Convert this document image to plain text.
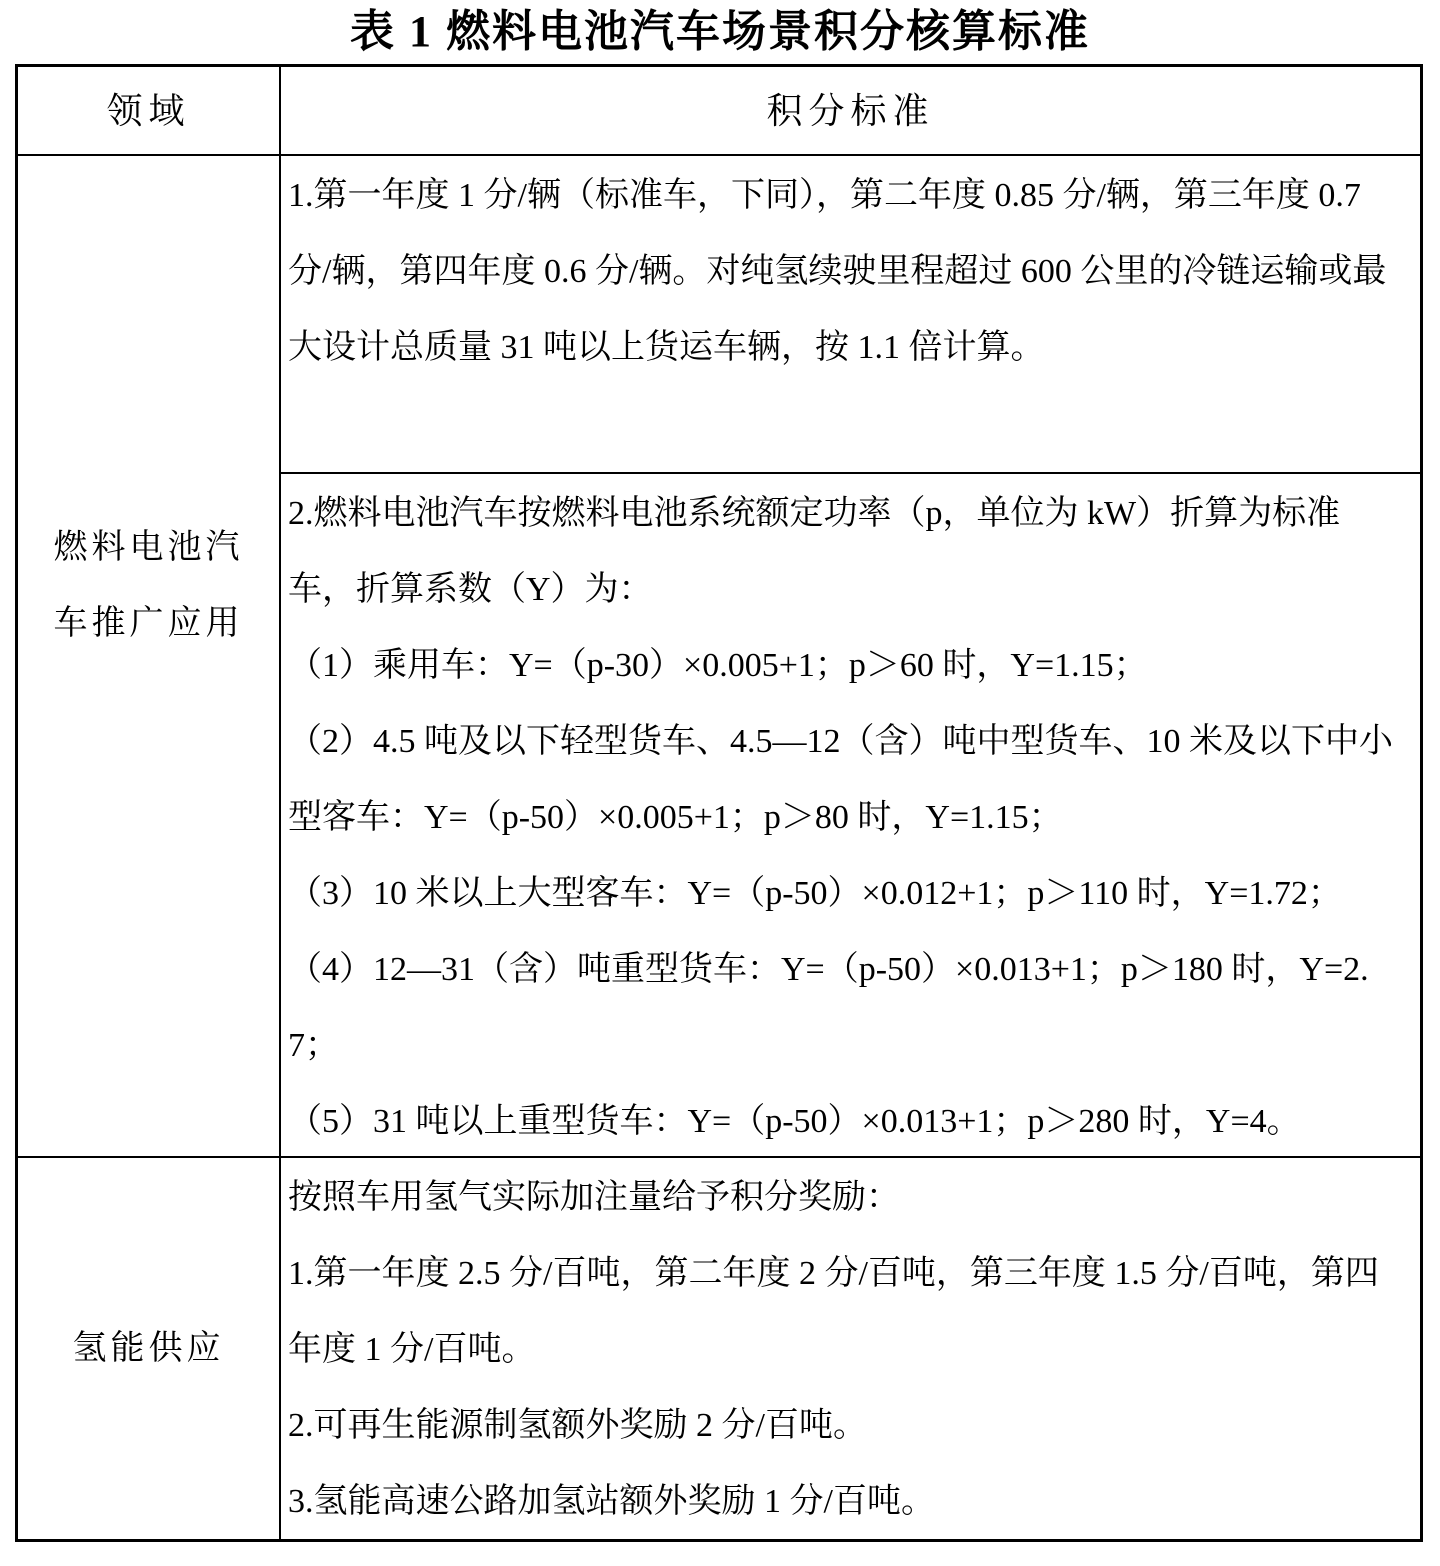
表 1 燃料电池汽车场景积分核算标准
领域	积分标准
燃料电池汽车推广应用

1.第一年度 1 分/辆（标准车，下同），第二年度 0.85 分/辆，第三年度 0.7 分/辆，第四年度 0.6 分/辆。对纯氢续驶里程超过 600 公里的冷链运输或最大设计总质量 31 吨以上货运车辆，按 1.1 倍计算。

2.燃料电池汽车按燃料电池系统额定功率（p，单位为 kW）折算为标准车，折算系数（Y）为：

（1）乘用车：Y=（p-30）×0.005+1；p＞60 时，Y=1.15；

（2）4.5 吨及以下轻型货车、4.5—12（含）吨中型货车、10 米及以下中小型客车：Y=（p-50）×0.005+1；p＞80 时，Y=1.15；

（3）10 米以上大型客车：Y=（p-50）×0.012+1；p＞110 时，Y=1.72；

（4）12—31（含）吨重型货车：Y=（p-50）×0.013+1；p＞180 时，Y=2.7；

（5）31 吨以上重型货车：Y=（p-50）×0.013+1；p＞280 时，Y=4。

氢能供应

按照车用氢气实际加注量给予积分奖励：

1.第一年度 2.5 分/百吨，第二年度 2 分/百吨，第三年度 1.5 分/百吨，第四年度 1 分/百吨。

2.可再生能源制氢额外奖励 2 分/百吨。

3.氢能高速公路加氢站额外奖励 1 分/百吨。
